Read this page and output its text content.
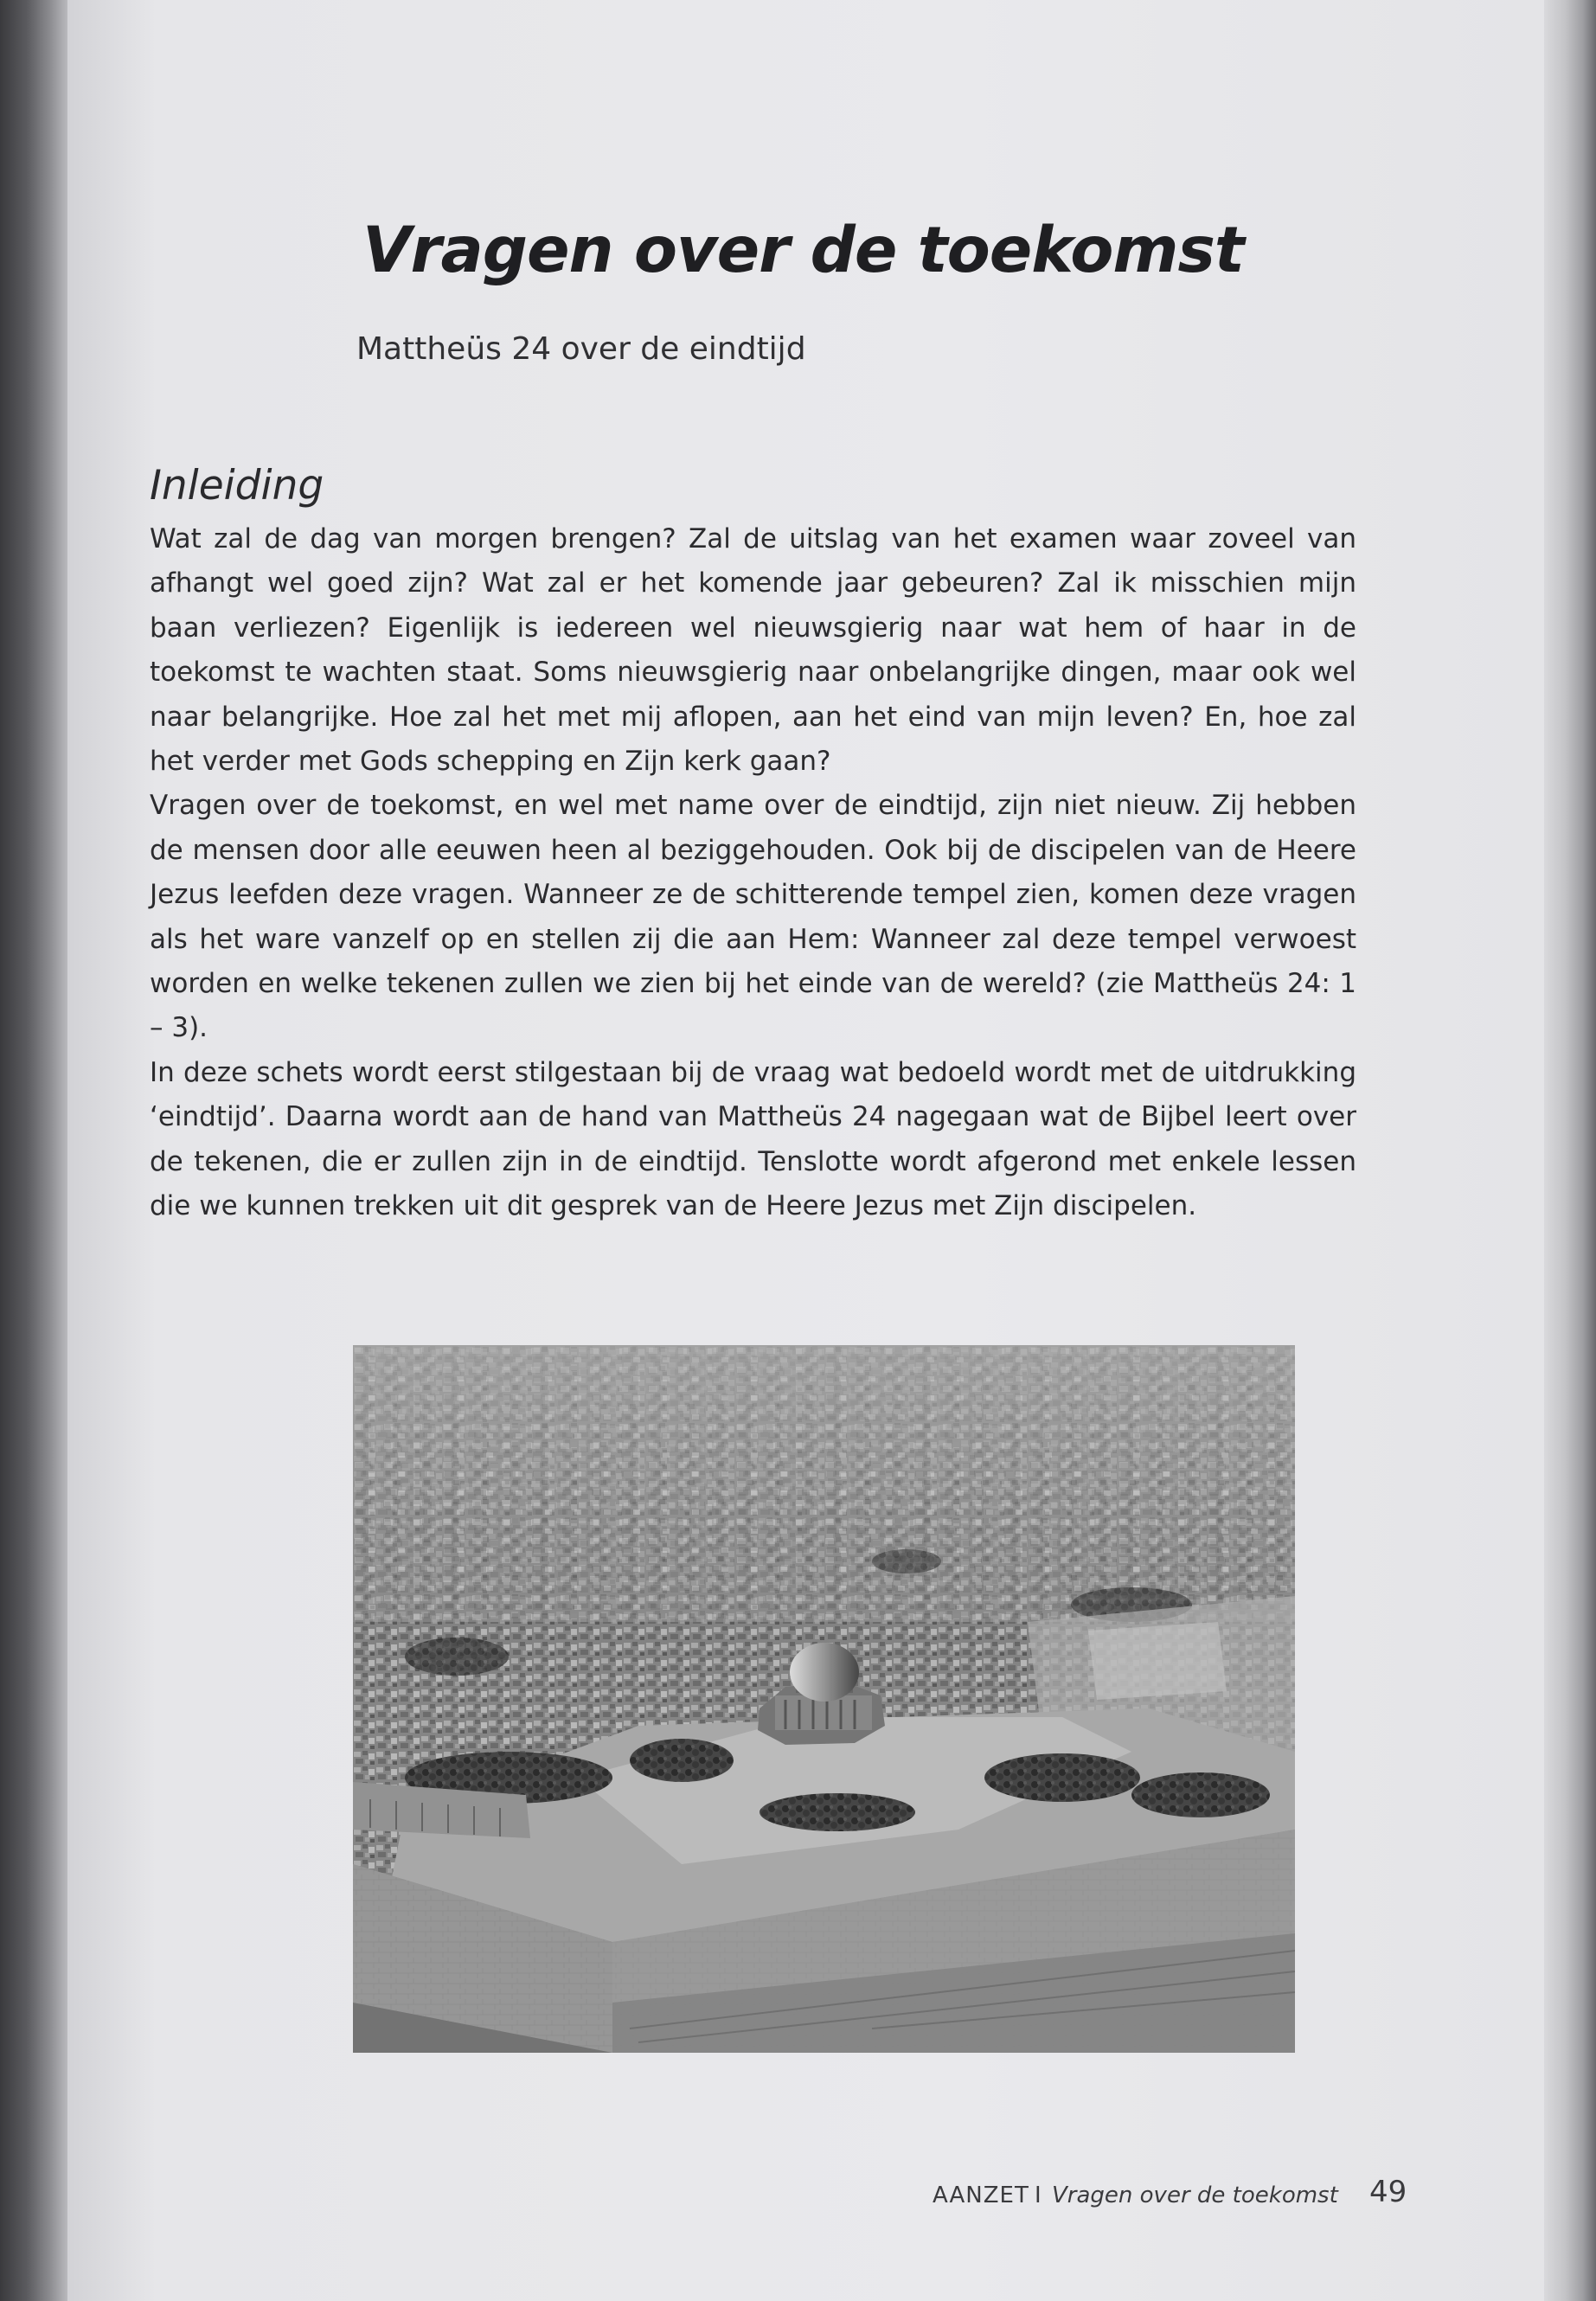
Vragen over de toekomst
Mattheüs 24 over de eindtijd
Inleiding

Wat zal de dag van morgen brengen? Zal de uitslag van het examen waar zoveel van afhangt wel goed zijn? Wat zal er het komende jaar gebeuren? Zal ik misschien mijn baan verliezen? Eigenlijk is iedereen wel nieuwsgierig naar wat hem of haar in de toekomst te wachten staat. Soms nieuwsgierig naar onbelangrijke dingen, maar ook wel naar belangrijke. Hoe zal het met mij aflopen, aan het eind van mijn leven? En, hoe zal het verder met Gods schepping en Zijn kerk gaan?

Vragen over de toekomst, en wel met name over de eindtijd, zijn niet nieuw. Zij hebben de mensen door alle eeuwen heen al beziggehouden. Ook bij de discipelen van de Heere Jezus leefden deze vragen. Wanneer ze de schitterende tempel zien, komen deze vragen als het ware vanzelf op en stellen zij die aan Hem: Wanneer zal deze tempel verwoest worden en welke tekenen zullen we zien bij het einde van de wereld? (zie Mattheüs 24: 1 – 3).

In deze schets wordt eerst stilgestaan bij de vraag wat bedoeld wordt met de uitdrukking ‘eindtijd’. Daarna wordt aan de hand van Mattheüs 24 nagegaan wat de Bijbel leert over de tekenen, die er zullen zijn in de eindtijd. Tenslotte wordt afgerond met enkele lessen die we kunnen trekken uit dit gesprek van de Heere Jezus met Zijn discipelen.

AANZET I Vragen over de toekomst 49
